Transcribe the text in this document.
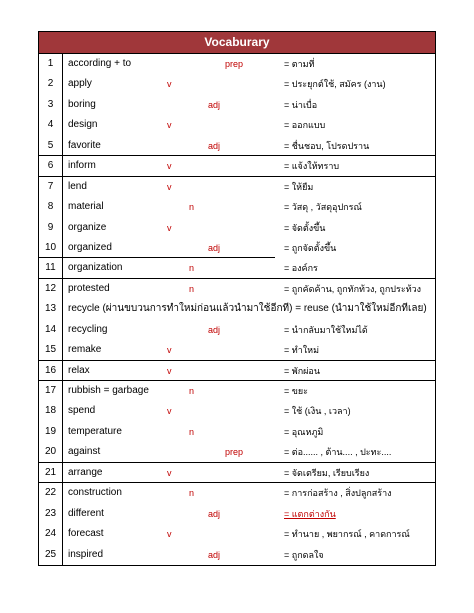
Vocaburary
1	according + to	prep	= ตามที่
2	apply	v	= ประยุกต์ใช้, สมัคร (งาน)
3	boring	adj	= น่าเบื่อ
4	design	v	= ออกแบบ
5	favorite	adj	= ชื่นชอบ, โปรดปราน
6	inform	v	= แจ้งให้ทราบ
7	lend	v	= ให้ยืม
8	material	n	= วัสดุ , วัสดุอุปกรณ์
9	organize	v	= จัดตั้งขึ้น
10	organized	adj	= ถูกจัดตั้งขึ้น
11	organization	n	= องค์กร
12	protested	n	= ถูกคัดค้าน, ถูกทักท้วง, ถูกประท้วง
13	recycle (ผ่านขบวนการทำใหม่ก่อนแล้วนำมาใช้อีกที) = reuse (นำมาใช้ใหม่อีกทีเลย)
14	recycling	adj	= นำกลับมาใช้ใหม่ได้
15	remake	v	= ทำใหม่
16	relax	v	= พักผ่อน
17	rubbish = garbage	n	= ขยะ
18	spend	v	= ใช้ (เงิน , เวลา)
19	temperature	n	= อุณหภูมิ
20	against	prep	= ต่อ...... , ต้าน.... , ปะทะ....
21	arrange	v	= จัดเตรียม, เรียบเรียง
22	construction	n	= การก่อสร้าง , สิ่งปลูกสร้าง
23	different	adj	= แตกต่างกัน
24	forecast	v	= ทำนาย , พยากรณ์ , คาดการณ์
25	inspired	adj	= ถูกดลใจ
